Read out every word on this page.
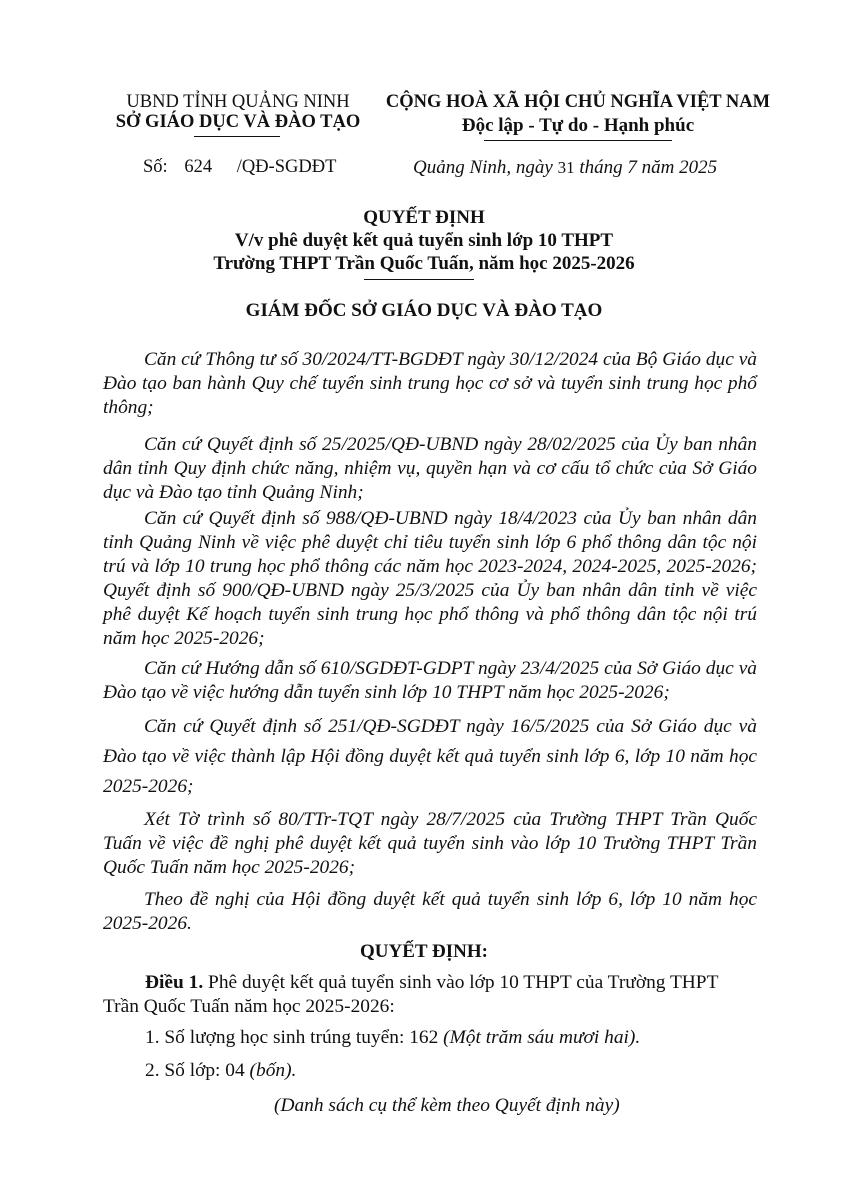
UBND TỈNH QUẢNG NINH
SỞ GIÁO DỤC VÀ ĐÀO TẠO
CỘNG HOÀ XÃ HỘI CHỦ NGHĨA VIỆT NAM
Độc lập - Tự do - Hạnh phúc
Số: 624 /QĐ-SGDĐT	Quảng Ninh, ngày 31 tháng 7 năm 2025
QUYẾT ĐỊNH
V/v phê duyệt kết quả tuyển sinh lớp 10 THPT
Trường THPT Trần Quốc Tuấn, năm học 2025-2026
GIÁM ĐỐC SỞ GIÁO DỤC VÀ ĐÀO TẠO

Căn cứ Thông tư số 30/2024/TT-BGDĐT ngày 30/12/2024 của Bộ Giáo dục và Đào tạo ban hành Quy chế tuyển sinh trung học cơ sở và tuyển sinh trung học phổ thông;

Căn cứ Quyết định số 25/2025/QĐ-UBND ngày 28/02/2025 của Ủy ban nhân dân tỉnh Quy định chức năng, nhiệm vụ, quyền hạn và cơ cấu tổ chức của Sở Giáo dục và Đào tạo tỉnh Quảng Ninh;

Căn cứ Quyết định số 988/QĐ-UBND ngày 18/4/2023 của Ủy ban nhân dân tỉnh Quảng Ninh về việc phê duyệt chỉ tiêu tuyển sinh lớp 6 phổ thông dân tộc nội trú và lớp 10 trung học phổ thông các năm học 2023-2024, 2024-2025, 2025-2026; Quyết định số 900/QĐ-UBND ngày 25/3/2025 của Ủy ban nhân dân tỉnh về việc phê duyệt Kế hoạch tuyển sinh trung học phổ thông và phổ thông dân tộc nội trú năm học 2025-2026;

Căn cứ Hướng dẫn số 610/SGDĐT-GDPT ngày 23/4/2025 của Sở Giáo dục và Đào tạo về việc hướng dẫn tuyển sinh lớp 10 THPT năm học 2025-2026;

Căn cứ Quyết định số 251/QĐ-SGDĐT ngày 16/5/2025 của Sở Giáo dục và Đào tạo về việc thành lập Hội đồng duyệt kết quả tuyển sinh lớp 6, lớp 10 năm học 2025-2026;

Xét Tờ trình số 80/TTr-TQT ngày 28/7/2025 của Trường THPT Trần Quốc Tuấn về việc đề nghị phê duyệt kết quả tuyển sinh vào lớp 10 Trường THPT Trần Quốc Tuấn năm học 2025-2026;

Theo đề nghị của Hội đồng duyệt kết quả tuyển sinh lớp 6, lớp 10 năm học 2025-2026.

QUYẾT ĐỊNH:
Điều 1. Phê duyệt kết quả tuyển sinh vào lớp 10 THPT của Trường THPT
Trần Quốc Tuấn năm học 2025-2026:
1. Số lượng học sinh trúng tuyển: 162 (Một trăm sáu mươi hai).
2. Số lớp: 04 (bốn).
(Danh sách cụ thể kèm theo Quyết định này)
